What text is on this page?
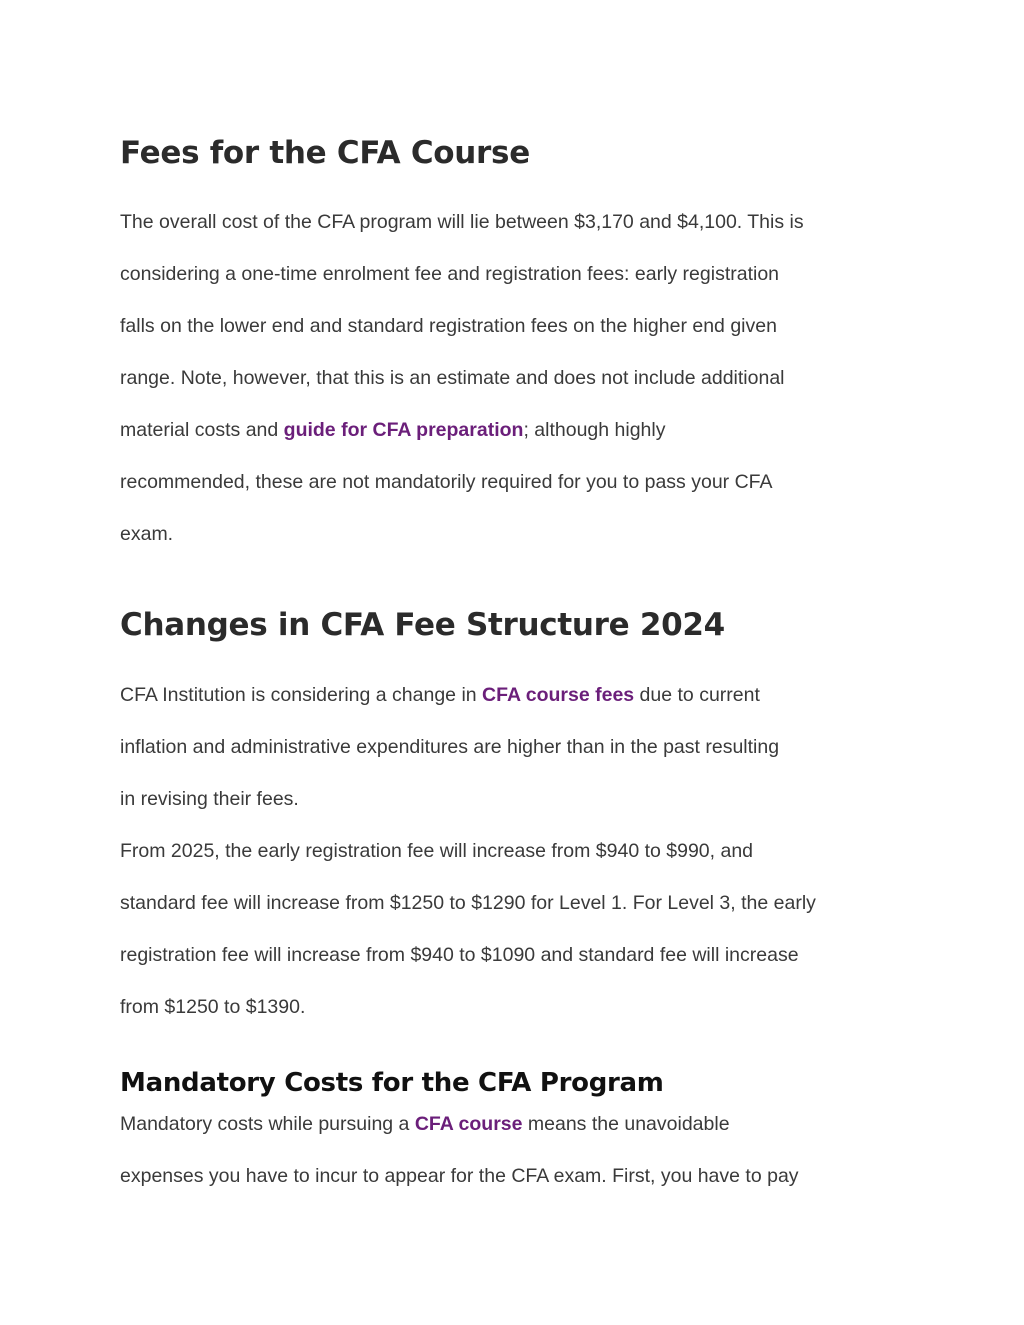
Fees for the CFA Course
The overall cost of the CFA program will lie between $3,170 and $4,100. This is
considering a one-time enrolment fee and registration fees: early registration
falls on the lower end and standard registration fees on the higher end given
range. Note, however, that this is an estimate and does not include additional
material costs and guide for CFA preparation; although highly
recommended, these are not mandatorily required for you to pass your CFA
exam.
Changes in CFA Fee Structure 2024
CFA Institution is considering a change in CFA course fees due to current
inflation and administrative expenditures are higher than in the past resulting
in revising their fees.
From 2025, the early registration fee will increase from $940 to $990, and
standard fee will increase from $1250 to $1290 for Level 1. For Level 3, the early
registration fee will increase from $940 to $1090 and standard fee will increase
from $1250 to $1390.
Mandatory Costs for the CFA Program
Mandatory costs while pursuing a CFA course means the unavoidable
expenses you have to incur to appear for the CFA exam. First, you have to pay
